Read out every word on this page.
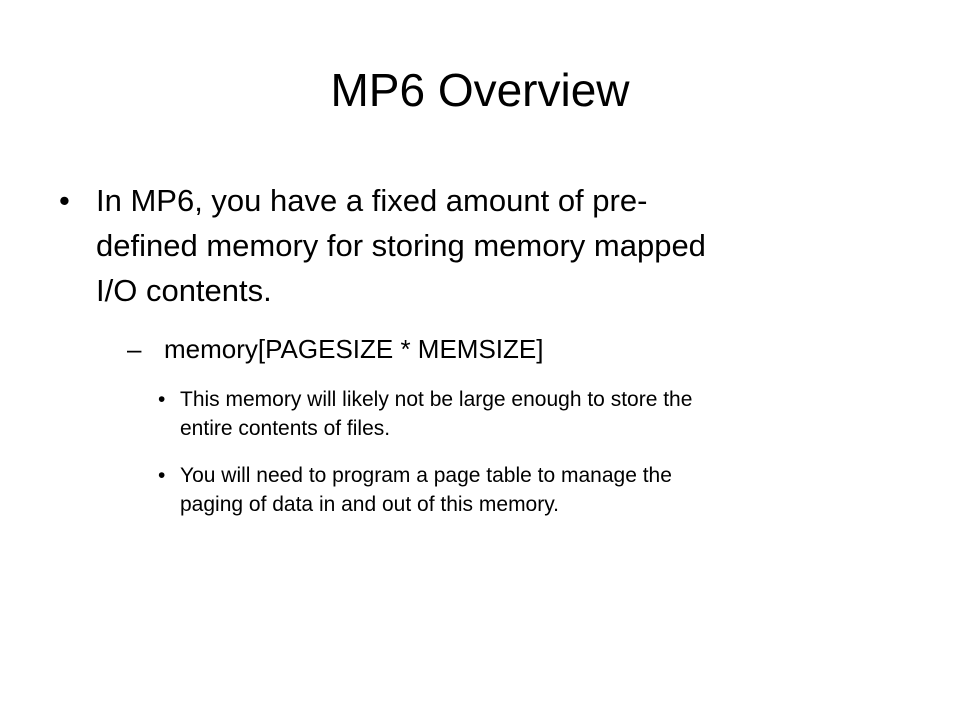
MP6 Overview
• In MP6, you have a fixed amount of pre-
defined memory for storing memory mapped
I/O contents.
– memory[PAGESIZE * MEMSIZE]
• This memory will likely not be large enough to store the
entire contents of files.
• You will need to program a page table to manage the
paging of data in and out of this memory.
